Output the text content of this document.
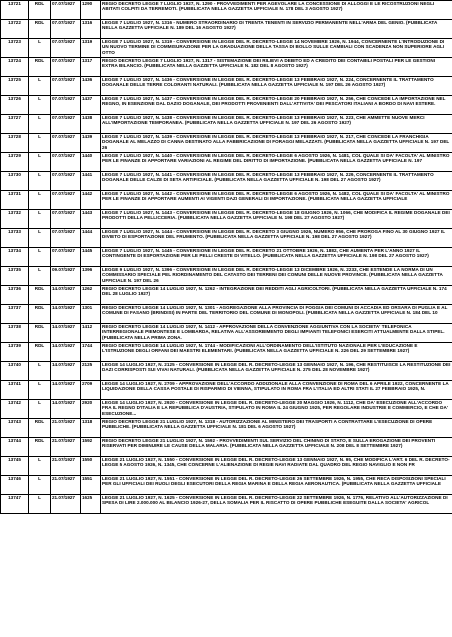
13721	RDL	07.07/1927	1290	REGIO DECRETO LEGGE 7 LUGLIO 1927, N. 1290 - PROVVEDIMENTI PER AGEVOLARE LA CONCESSIONE DI ALLOGGI E LE RICOSTRUZIONI NEGLI ABITATI COLPITI DA TERREMOTI. (PUBBLICATA NELLA GAZZETTA UFFICIALE N. 178 DEL 3 AGOSTO 1927)
13722	RDL	07.07/1927	1316	LEGGE 7 LUGLIO 1927, N. 1316 - NUMERO STRAORDINARIO DI TRENTA TENENTI IN SERVIZIO PERMANENTE NELL'ARMA DEL GENIO. (PUBBLICATA NELLA GAZZETTA UFFICIALE N. 189 DEL 16 AGOSTO 1927)
13723	L	07.07/1927	1319	LEGGE 7 LUGLIO 1927, N. 1319 - CONVERSIONE IN LEGGE DEL R. DECRETO-LEGGE 14 NOVEMBRE 1926, N. 1944, CONCERNENTE L'INTRODUZIONE DI UN NUOVO TERMINE DI COMMISURAZIONE PER LA GRADUAZIONE DELLA TASSA DI BOLLO SULLE CAMBIALI CON SCADENZA NON SUPERIORE AGLI OTTO
13724	RDL	07.07/1927	1317	REGIO DECRETO LEGGE 7 LUGLIO 1927, N. 1317 - SISTEMAZIONE DEI RILIEVI A DEBITO ED A CREDITO DEI CONTABILI POSTALI PER LE GESTIONI EXTRA BILANCIO. (PUBBLICATA NELLA GAZZETTA UFFICIALE N. 182 DEL 8 AGOSTO 1927)
13725	L	07.07/1927	1436	LEGGE 7 LUGLIO 1927, N. 1436 - CONVERSIONE IN LEGGE DEL R. DECRETO-LEGGE 13 FEBBRAIO 1927, N. 224, CONCERNENTE IL TRATTAMENTO DOGANALE DELLE TERRE COLORANTI NATURALI. (PUBBLICATA NELLA GAZZETTA UFFICIALE N. 197 DEL 26 AGOSTO 1927)
13726	L	07.07/1927	1437	LEGGE 7 LUGLIO 1927, N. 1437 - CONVERSIONE IN LEGGE DEL R. DECRETO-LEGGE 20 FEBBRAIO 1927, N. 256, CHE CONCEDE LA IMPORTAZIONE NEL REGNO, IN ESENZIONE DAL DAZIO DOGANALE, DEI PRODOTTI PROVENIENTI DALL'ATTIVITA' DEI PESCATORI ITALIANI A BORDO DI NAVI ESTERE.
13727	L	07.07/1927	1438	LEGGE 7 LUGLIO 1927, N. 1438 - CONVERSIONE IN LEGGE DEL R. DECRETO-LEGGE 13 FEBBRAIO 1927, N. 223, CHE AMMETTE NUOVE MERCI ALL'IMPORTAZIONE TEMPORANEA. (PUBBLICATA NELLA GAZZETTA UFFICIALE N. 197 DEL 26 AGOSTO 1927)
13728	L	07.07/1927	1439	LEGGE 7 LUGLIO 1927, N. 1439 - CONVERSIONE IN LEGGE DEL R. DECRETO-LEGGE 13 FEBBRAIO 1927, N. 217, CHE CONCEDE LA FRANCHIGIA DOGANALE AL MELAZZO DI CANNA DESTINATO ALLA FABBRICAZIONE DI FORAGGI MELAZZATI. (PUBBLICATA NELLA GAZZETTA UFFICIALE N. 197 DEL 26
13729	L	07.07/1927	1440	LEGGE 7 LUGLIO 1927, N. 1440 - CONVERSIONE IN LEGGE DEL R. DECRETO-LEGGE 6 AGOSTO 1926, N. 1481, COL QUALE SI DA' FACOLTA' AL MINISTRO PER LE FINANZE DI APPORTARE VARIAZIONI AL REGIME DEL DIRITTO DI IMPORTAZIONE. (PUBBLICATA NELLA GAZZETTA UFFICIALE N. 197
13730	L	07.07/1927	1441	LEGGE 7 LUGLIO 1927, N. 1441 - CONVERSIONE IN LEGGE DEL R. DECRETO-LEGGE 13 FEBBRAIO 1927, N. 229, CONCERNENTE IL TRATTAMENTO DOGANALE DELLE CALZE DI SETA ARTIFICIALE. (PUBBLICATA NELLA GAZZETTA UFFICIALE N. 198 DEL 27 AGOSTO 1927)
13731	L	07.07/1927	1442	LEGGE 7 LUGLIO 1927, N. 1442 - CONVERSIONE IN LEGGE DEL R. DECRETO-LEGGE 6 AGOSTO 1926, N. 1482, COL QUALE SI DA' FACOLTA' AL MINISTRO PER LE FINANZE DI APPORTARE AUMENTI AI VIGENTI DAZI GENERALI DI IMPORTAZIONE. (PUBBLICATA NELLA GAZZETTA UFFICIALE
13732	L	07.07/1927	1443	LEGGE 7 LUGLIO 1927, N. 1443 - CONVERSIONE IN LEGGE DEL R. DECRETO-LEGGE 18 GIUGNO 1926, N. 1066, CHE MODIFICA IL REGIME DOGANALE DEI PRODOTTI DELLA PELLICCERIA. (PUBBLICATA NELLA GAZZETTA UFFICIALE N. 198 DEL 27 AGOSTO 1927)
13733	L	07.07/1927	1444	LEGGE 7 LUGLIO 1927, N. 1444 - CONVERSIONE IN LEGGE DEL R. DECRETO 3 GIUGNO 1926, NUMERO 956, CHE PROROGA FINO AL 30 GIUGNO 1927 IL DIVIETO DI ESPORTAZIONE DEL FRUMENTO. (PUBBLICATA NELLA GAZZETTA UFFICIALE N. 198 DEL 27 AGOSTO 1927)
13734	L	07.07/1927	1445	LEGGE 7 LUGLIO 1927, N. 1445 - CONVERSIONE IN LEGGE DEL R. DECRETO 21 OTTOBRE 1926, N. 1882, CHE AUMENTA PER L'ANNO 1927 IL CONTINGENTE DI ESPORTAZIONE PER LE PELLI CRESTE DI VITELLO. (PUBBLICATA NELLA GAZZETTA UFFICIALE N. 198 DEL 27 AGOSTO 1927)
13735	L	09.07/1927	1396	LEGGE 9 LUGLIO 1927, N. 1396 - CONVERSIONE IN LEGGE DEL R. DECRETO-LEGGE 13 DICEMBRE 1926, N. 2233, CHE ESTENDE LA NORMA DI UN COMMISSARIO SPECIALE PEL RIORDINAMENTO DEL CATASTO DEI TERRENI DEI COMUNI DELLE NUOVE PROVINCE. (PUBBLICATA NELLA GAZZETTA UFFICIALE N. 197 DEL 26
13736	RDL	14.07/1927	1262	REGIO DECRETO LEGGE 14 LUGLIO 1927, N. 1262 - INTEGRAZIONE DEI REDDITI AGLI AGRICOLTORI. (PUBBLICATA NELLA GAZZETTA UFFICIALE N. 174 DEL 28 LUGLIO 1927)
13737	RDL	14.07/1927	1301	REGIO DECRETO LEGGE 14 LUGLIO 1927, N. 1301 - AGGREGAZIONE ALLA PROVINCIA DI FOGGIA DEI COMUNI DI ACCADIA ED ORSARA DI PUGLIA E AL COMUNE DI FASANO (BRINDISI) IN PARTE DEL TERRITORIO DEL COMUNE DI MONOPOLI. (PUBBLICATA NELLA GAZZETTA UFFICIALE N. 184 DEL 10
13738	RDL	14.07/1927	1412	REGIO DECRETO LEGGE 14 LUGLIO 1927, N. 1412 - APPROVAZIONE DELLA CONVENZIONE AGGIUNTIVA CON LA SOCIETA' TELEFONICA INTERREGIONALE PIEMONTESE E LOMBARDA, RELATIVA ALL'ASSORBIMENTO DEGLI IMPIANTI TELEFONICI ESERCITI ATTUALMENTE DALLA STIPEL. (PUBBLICATA NELLA PRIMA ZONA.
13739	RDL	14.07/1927	1744	REGIO DECRETO LEGGE 14 LUGLIO 1927, N. 1744 - MODIFICAZIONI ALL'ORDINAMENTO DELL'ISTITUTO NAZIONALE PER L'EDUCAZIONE E L'ISTRUZIONE DEGLI ORFANI DEI MAESTRI ELEMENTARI. (PUBBLICATA NELLA GAZZETTA UFFICIALE N. 226 DEL 29 SETTEMBRE 1927)
13740	L	14.07/1927	2125	LEGGE 14 LUGLIO 1927, N. 2125 - CONVERSIONE IN LEGGE DEL R. DECRETO-LEGGE 13 GENNAIO 1927, N. 196, CHE RESTITUISCE LA RESTITUZIONE DEI DAZI CORRISPOSTI SUI VIVAI NATURALI. (PUBBLICATA NELLA GAZZETTA UFFICIALE N. 275 DEL 28 NOVEMBRE 1927)
13741	L	14.07/1927	2709	LEGGE 14 LUGLIO 1927, N. 2709 - APPROVAZIONE DELL'ACCORDO ADDIZIONALE ALLA CONVENZIONE DI ROMA DEL 6 APRILE 1922, CONCERNENTE LA LIQUIDAZIONE DELLA CASSA POSTALE DI RISPARMIO DI VIENNA, STIPULATO IN ROMA FRA L'ITALIA ED ALTRI STATI IL 27 FEBBRAIO 1925, N.
13742	L	14.07/1927	2920	LEGGE 14 LUGLIO 1927, N. 2920 - CONVERSIONE IN LEGGE DEL R. DECRETO-LEGGE 20 MAGGIO 1926, N. 1112, CHE DA' ESECUZIONE ALL'ACCORDO FRA IL REGNO D'ITALIA E LA REPUBBLICA D'AUSTRIA, STIPULATO IN ROMA IL 24 GIUGNO 1925, PER REGOLARE INDUSTRIE E COMMERCIO, E CHE DA' ESECUZIONE...
13743	RDL	21.07/1927	1318	REGIO DECRETO LEGGE 21 LUGLIO 1927, N. 1318 - AUTORIZZAZIONE AL MINISTERO DEI TRASPORTI A CONTRATTARE L'ESECUZIONE DI OPERE PUBBLICHE. (PUBBLICATA NELLA GAZZETTA UFFICIALE N. 181 DEL 6 AGOSTO 1927)
13744	RDL	21.07/1927	1592	REGIO DECRETO LEGGE 21 LUGLIO 1927, N. 1592 - PROVVEDIMENTI SUL SERVIZIO DEL CHININO DI STATO, E SULLA EROGAZIONE DEI PROVENTI RISERVATI PER DIMINUIRE LE CAUSE DELLA MALARIA. (PUBBLICATA NELLA GAZZETTA UFFICIALE N. 208 DEL 8 SETTEMBRE 1927)
13745	L	21.07/1927	1550	LEGGE 21 LUGLIO 1927, N. 1550 - CONVERSIONE IN LEGGE DEL R. DECRETO-LEGGE 13 GENNAIO 1927, N. 95, CHE MODIFICA L'ART. 6 DEL R. DECRETO-LEGGE 5 AGOSTO 1926, N. 1345, CHE CONCERNE L'ALIENAZIONE DI REGIE NAVI RADIATE DAL QUADRO DEL REGIO NAVIGLIO E NON FR
13746	L	21.07/1927	1551	LEGGE 21 LUGLIO 1927, N. 1551 - CONVERSIONE IN LEGGE DEL R. DECRETO-LEGGE 26 SETTEMBRE 1926, N. 1955, CHE RECA DISPOSIZIONI SPECIALI PER GLI UFFICIALI DEI RUOLI DEGLI ESECUTORI DELLA REGIA MARINA E DELLA REGIA AERONAUTICA. (PUBBLICATA NELLA GAZZETTA UFFICIALE
13747	L	21.07/1927	1625	LEGGE 21 LUGLIO 1927, N. 1625 - CONVERSIONE IN LEGGE DEL R. DECRETO-LEGGE 22 SETTEMBRE 1926, N. 1776, RELATIVO ALL'AUTORIZZAZIONE DI SPESA DI LIRE 2.000.000 AL BILANCIO 1926-27, DELLA SOMALIA PER IL RISCATTO DI OPERE PUBBLICHE ESEGUITE DALLA SOCIETA' AGRICOL
